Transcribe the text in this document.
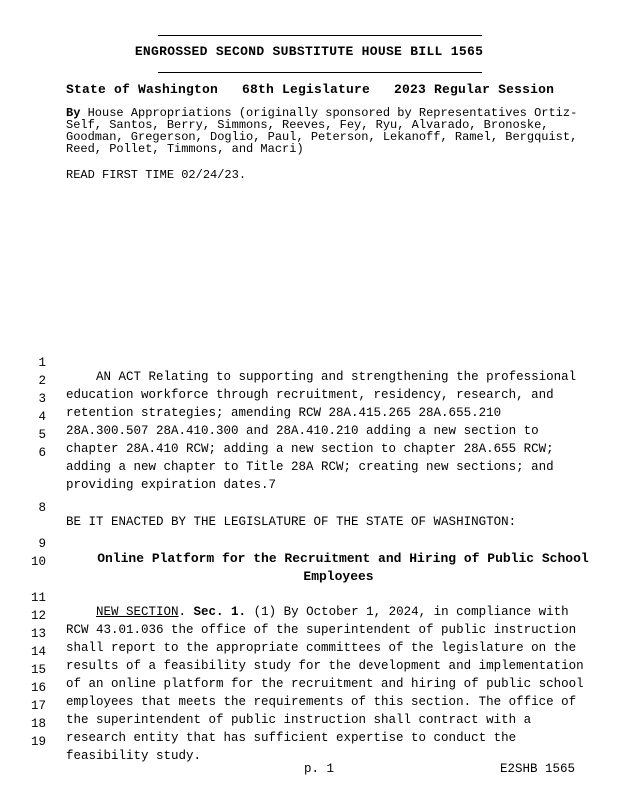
ENGROSSED SECOND SUBSTITUTE HOUSE BILL 1565
State of Washington   68th Legislature   2023 Regular Session
By House Appropriations (originally sponsored by Representatives Ortiz-Self, Santos, Berry, Simmons, Reeves, Fey, Ryu, Alvarado, Bronoske, Goodman, Gregerson, Doglio, Paul, Peterson, Lekanoff, Ramel, Bergquist, Reed, Pollet, Timmons, and Macri)
READ FIRST TIME 02/24/23.

1

AN ACT Relating to supporting and strengthening the professional

2

education workforce through recruitment, residency, research, and

3

retention strategies; amending RCW 28A.415.265 28A.655.210

4

28A.300.507 28A.410.300 and 28A.410.210 adding a new section to

5

chapter 28A.410 RCW; adding a new section to chapter 28A.655 RCW;

6

adding a new chapter to Title 28A RCW; creating new sections; and

providing expiration dates.7

8

BE IT ENACTED BY THE LEGISLATURE OF THE STATE OF WASHINGTON:

9

Online Platform for the Recruitment and Hiring of Public School

10

Employees

11

NEW SECTION. Sec. 1. (1) By October 1, 2024, in compliance with

12

RCW 43.01.036 the office of the superintendent of public instruction

13

shall report to the appropriate committees of the legislature on the

14

results of a feasibility study for the development and implementation

15

of an online platform for the recruitment and hiring of public school

16

employees that meets the requirements of this section. The office of

17

the superintendent of public instruction shall contract with a

18

research entity that has sufficient expertise to conduct the

19

feasibility study.

p. 1	E2SHB 1565
